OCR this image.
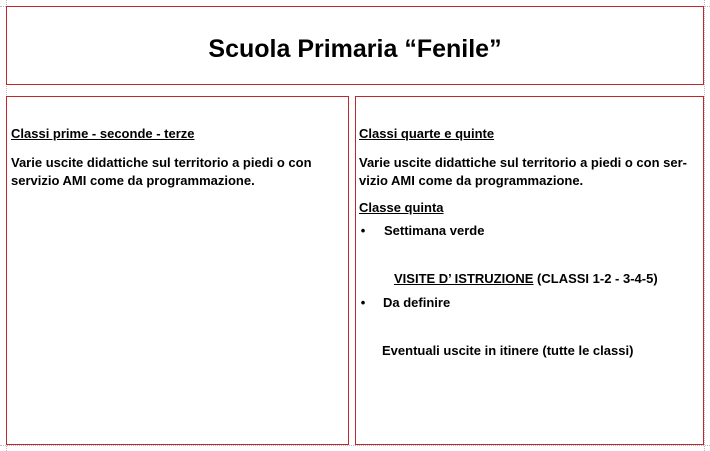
Scuola Primaria “Fenile”
Classi prime - seconde - terze
Varie uscite didattiche sul territorio a piedi o con
servizio AMI come da programmazione.
Classi quarte e quinte
Varie uscite didattiche sul territorio a piedi o con ser-
vizio AMI come da programmazione.
Classe quinta
• Settimana verde
VISITE D’ ISTRUZIONE (CLASSI 1-2 - 3-4-5)
• Da definire
Eventuali uscite in itinere (tutte le classi)
